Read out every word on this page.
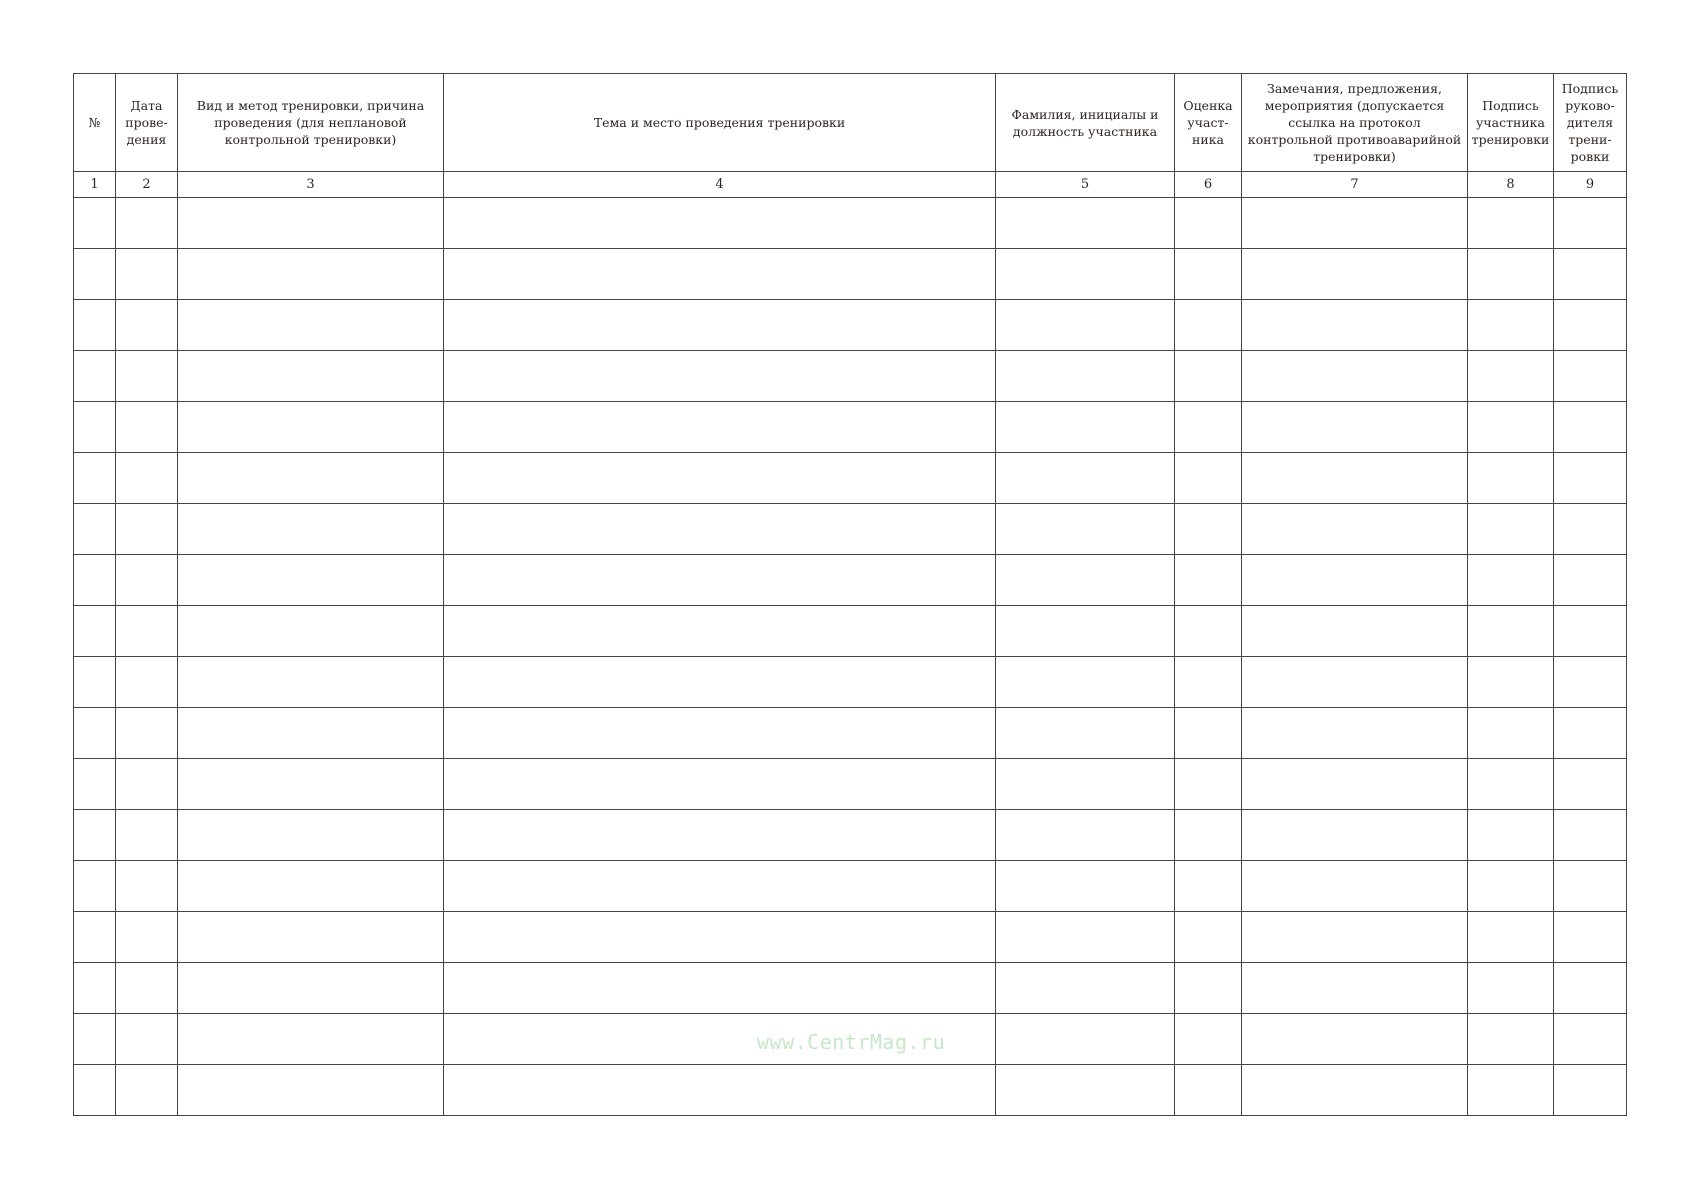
№	Дата прове-дения	Вид и метод тренировки, причина проведения (для неплановой контрольной тренировки)	Тема и место проведения тренировки	Фамилия, инициалы и должность участника	Оценка участ-ника	Замечания, предложения, мероприятия (допускается ссылка на протокол контрольной противоаварийной тренировки)	Подпись участника тренировки	Подпись руково-дителя трени-ровки
1	2	3	4	5	6	7	8	9

www.CentrMag.ru
